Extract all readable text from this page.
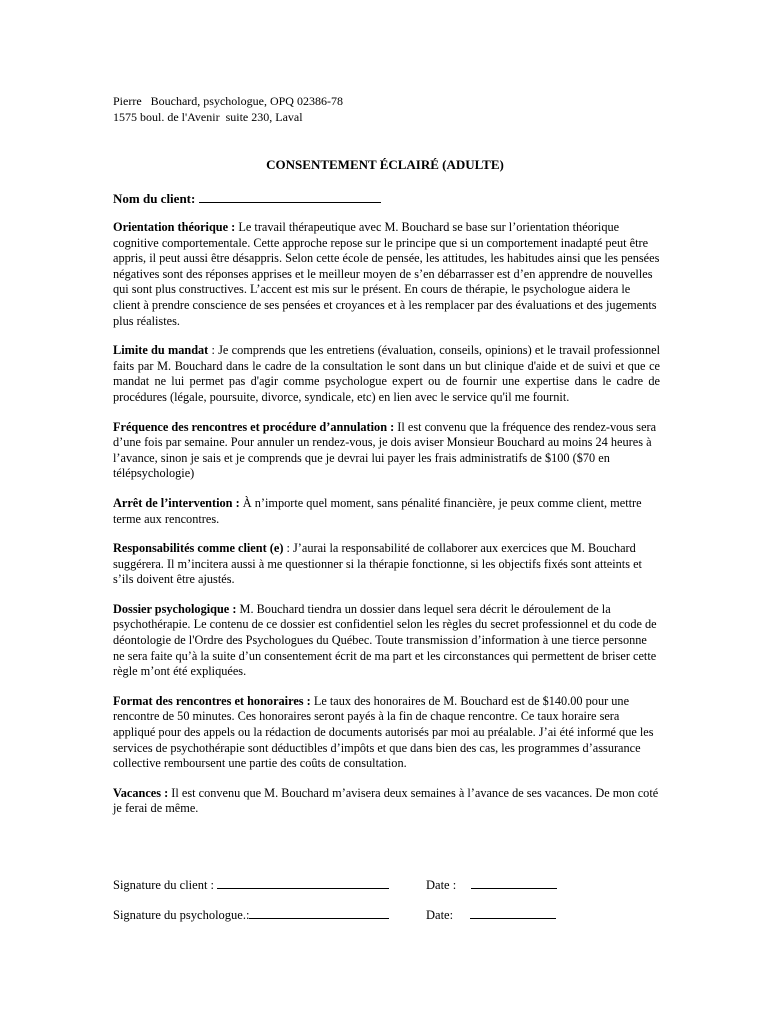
Pierre   Bouchard, psychologue, OPQ 02386-78
1575 boul. de l'Avenir  suite 230, Laval
CONSENTEMENT ÉCLAIRÉ (ADULTE)
Nom du client:

Orientation théorique : Le travail thérapeutique avec M. Bouchard se base sur l’orientation théorique cognitive comportementale. Cette approche repose sur le principe que si un comportement inadapté peut être appris, il peut aussi être désappris. Selon cette école de pensée, les attitudes, les habitudes ainsi que les pensées négatives sont des réponses apprises et le meilleur moyen de s’en débarrasser est d’en apprendre de nouvelles qui sont plus constructives. L’accent est mis sur le présent. En cours de thérapie, le psychologue aidera le client à prendre conscience de ses pensées et croyances et à les remplacer par des évaluations et des jugements plus réalistes.

Limite du mandat : Je comprends que les entretiens (évaluation, conseils, opinions) et le travail professionnel faits par M. Bouchard dans le cadre de la consultation le sont dans un but clinique d'aide et de suivi et que ce mandat ne lui permet pas d'agir comme psychologue expert ou de fournir une expertise dans le cadre de procédures (légale, poursuite, divorce, syndicale, etc) en lien avec le service qu'il me fournit.

Fréquence des rencontres et procédure d’annulation : Il est convenu que la fréquence des rendez-vous sera d’une fois par semaine. Pour annuler un rendez-vous, je dois aviser Monsieur Bouchard au moins 24 heures à l’avance, sinon je sais et je comprends que je devrai lui payer les frais administratifs de $100 ($70 en télépsychologie)

Arrêt de l’intervention : À n’importe quel moment, sans pénalité financière, je peux comme client, mettre terme aux rencontres.

Responsabilités comme client (e) : J’aurai la responsabilité de collaborer aux exercices que M. Bouchard suggérera. Il m’incitera aussi à me questionner si la thérapie fonctionne, si les objectifs fixés sont atteints et s’ils doivent être ajustés.

Dossier psychologique : M. Bouchard tiendra un dossier dans lequel sera décrit le déroulement de la psychothérapie. Le contenu de ce dossier est confidentiel selon les règles du secret professionnel et du code de déontologie de l'Ordre des Psychologues du Québec. Toute transmission d’information à une tierce personne ne sera faite qu’à la suite d’un consentement écrit de ma part et les circonstances qui permettent de briser cette règle m’ont été expliquées.

Format des rencontres et honoraires : Le taux des honoraires de M. Bouchard est de $140.00 pour une rencontre de 50 minutes. Ces honoraires seront payés à la fin de chaque rencontre. Ce taux horaire sera appliqué pour des appels ou la rédaction de documents autorisés par moi au préalable. J’ai été informé que les services de psychothérapie sont déductibles d’impôts et que dans bien des cas, les programmes d’assurance collective remboursent une partie des coûts de consultation.

Vacances : Il est convenu que M. Bouchard m’avisera deux semaines à l’avance de ses vacances. De mon coté je ferai de même.

Signature du client :	Date :
Signature du psychologue.:	Date:
